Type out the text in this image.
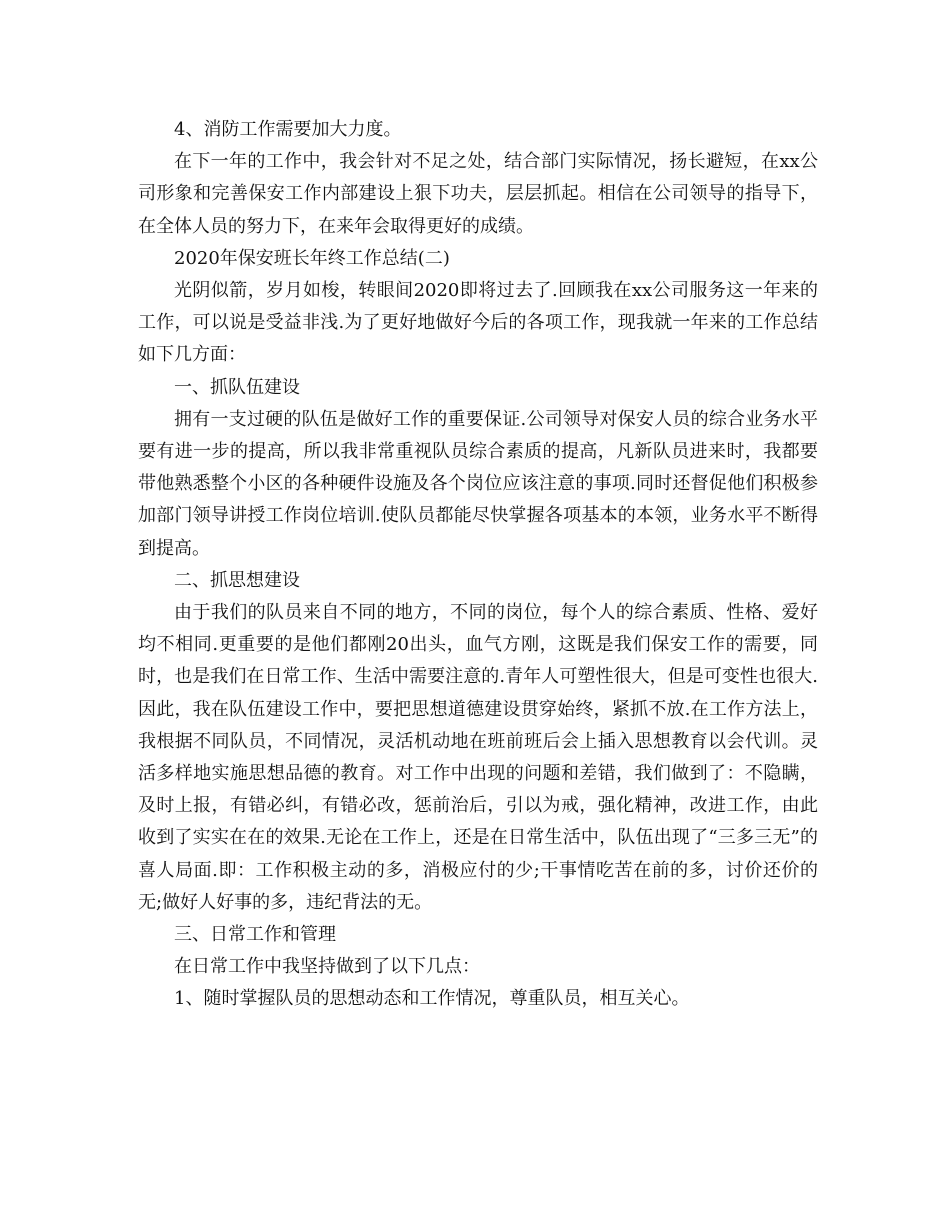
4、消防工作需要加大力度。

在下一年的工作中，我会针对不足之处，结合部门实际情况，扬长避短，在xx公司形象和完善保安工作内部建设上狠下功夫，层层抓起。相信在公司领导的指导下，在全体人员的努力下，在来年会取得更好的成绩。

2020年保安班长年终工作总结(二)

光阴似箭，岁月如梭，转眼间2020即将过去了.回顾我在xx公司服务这一年来的工作，可以说是受益非浅.为了更好地做好今后的各项工作，现我就一年来的工作总结如下几方面：

一、抓队伍建设

拥有一支过硬的队伍是做好工作的重要保证.公司领导对保安人员的综合业务水平要有进一步的提高，所以我非常重视队员综合素质的提高，凡新队员进来时，我都要带他熟悉整个小区的各种硬件设施及各个岗位应该注意的事项.同时还督促他们积极参加部门领导讲授工作岗位培训.使队员都能尽快掌握各项基本的本领，业务水平不断得到提高。

二、抓思想建设

由于我们的队员来自不同的地方，不同的岗位，每个人的综合素质、性格、爱好均不相同.更重要的是他们都刚20出头，血气方刚，这既是我们保安工作的需要，同时，也是我们在日常工作、生活中需要注意的.青年人可塑性很大，但是可变性也很大.因此，我在队伍建设工作中，要把思想道德建设贯穿始终，紧抓不放.在工作方法上，我根据不同队员，不同情况，灵活机动地在班前班后会上插入思想教育以会代训。灵活多样地实施思想品德的教育。对工作中出现的问题和差错，我们做到了：不隐瞒，及时上报，有错必纠，有错必改，惩前治后，引以为戒，强化精神，改进工作，由此收到了实实在在的效果.无论在工作上，还是在日常生活中，队伍出现了“三多三无”的喜人局面.即：工作积极主动的多，消极应付的少;干事情吃苦在前的多，讨价还价的无;做好人好事的多，违纪背法的无。

三、日常工作和管理

在日常工作中我坚持做到了以下几点：

1、随时掌握队员的思想动态和工作情况，尊重队员，相互关心。
